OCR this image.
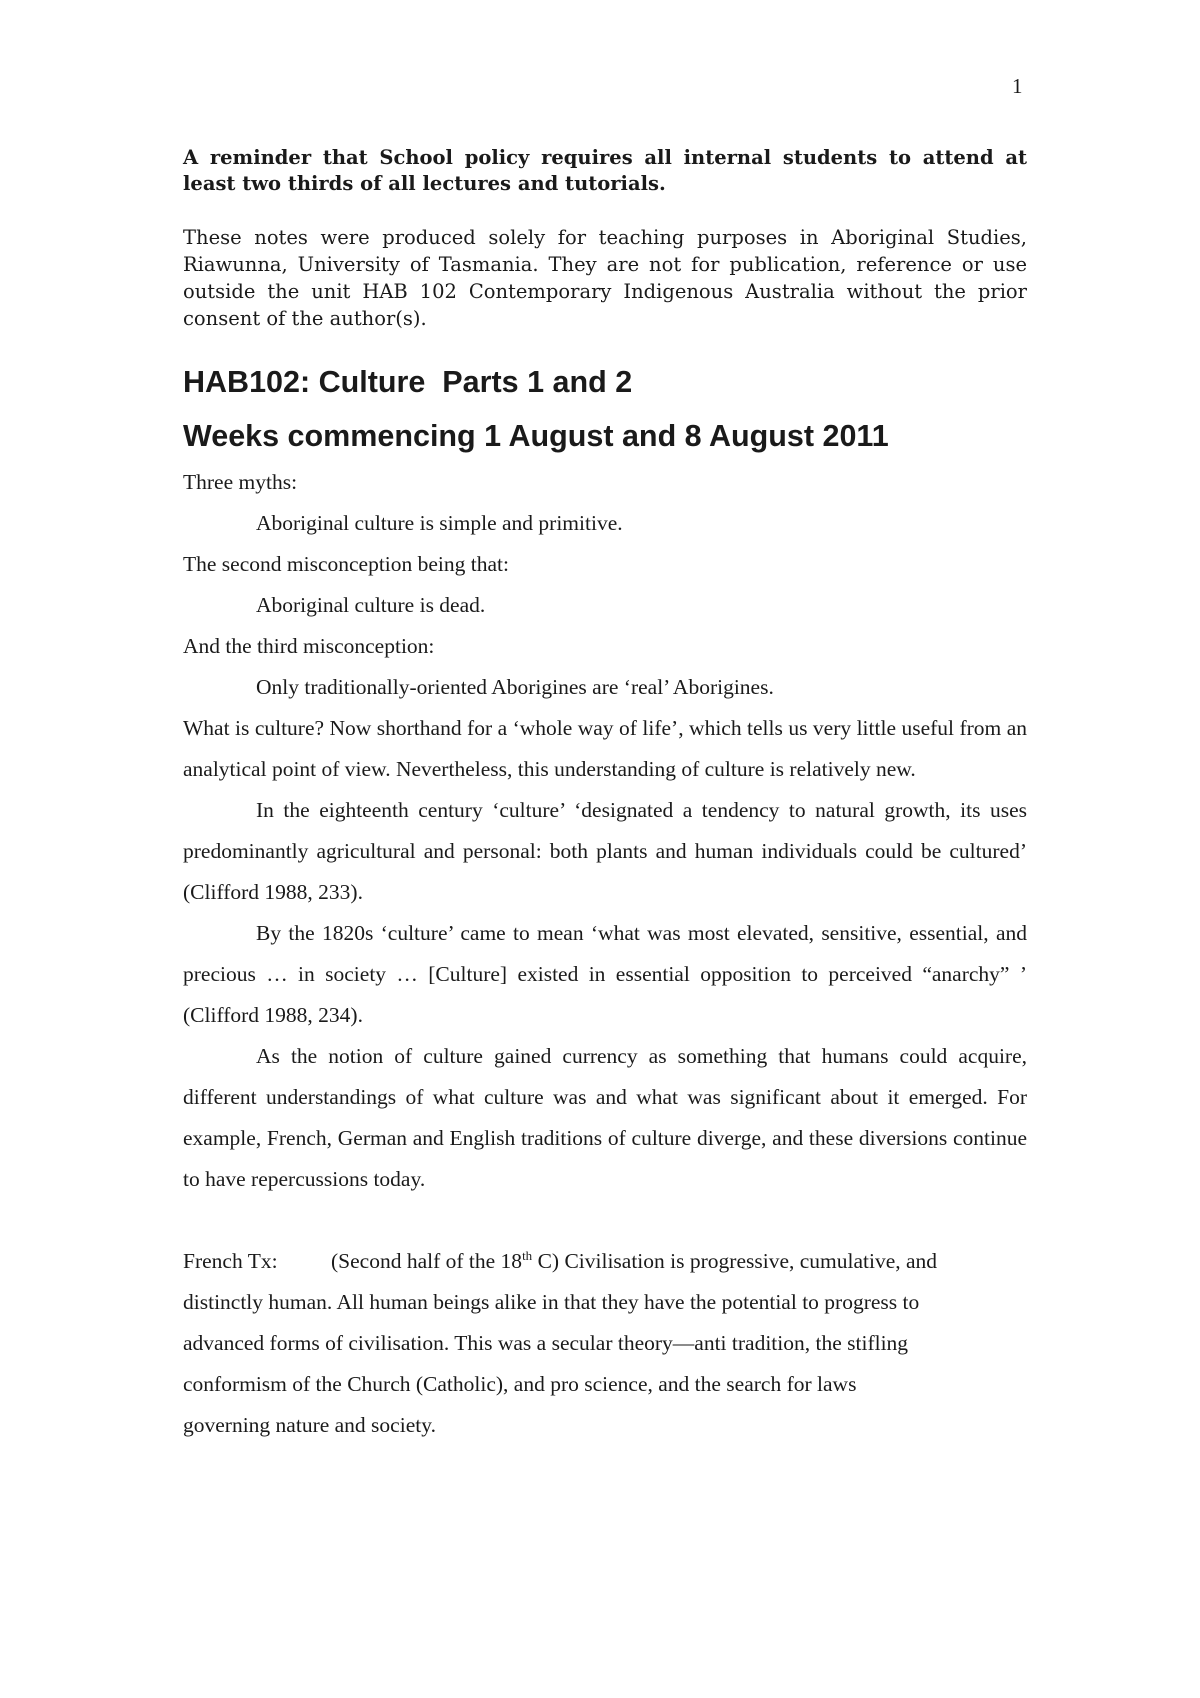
1

A reminder that School policy requires all internal students to attend at least two thirds of all lectures and tutorials.

These notes were produced solely for teaching purposes in Aboriginal Studies, Riawunna, University of Tasmania. They are not for publication, reference or use outside the unit HAB 102 Contemporary Indigenous Australia without the prior consent of the author(s).

HAB102: Culture  Parts 1 and 2
Weeks commencing 1 August and 8 August 2011

Three myths:

Aboriginal culture is simple and primitive.

The second misconception being that:

Aboriginal culture is dead.

And the third misconception:

Only traditionally-oriented Aborigines are ‘real’ Aborigines.

What is culture? Now shorthand for a ‘whole way of life’, which tells us very little useful from an analytical point of view. Nevertheless, this understanding of culture is relatively new.

In the eighteenth century ‘culture’ ‘designated a tendency to natural growth, its uses predominantly agricultural and personal: both plants and human individuals could be cultured’ (Clifford 1988, 233).

By the 1820s ‘culture’ came to mean ‘what was most elevated, sensitive, essential, and precious … in society … [Culture] existed in essential opposition to perceived “anarchy” ’ (Clifford 1988, 234).

As the notion of culture gained currency as something that humans could acquire, different understandings of what culture was and what was significant about it emerged. For example, French, German and English traditions of culture diverge, and these diversions continue to have repercussions today.

French Tx: (Second half of the 18th C) Civilisation is progressive, cumulative, and

distinctly human. All human beings alike in that they have the potential to progress to

advanced forms of civilisation. This was a secular theory—anti tradition, the stifling

conformism of the Church (Catholic), and pro science, and the search for laws

governing nature and society.
